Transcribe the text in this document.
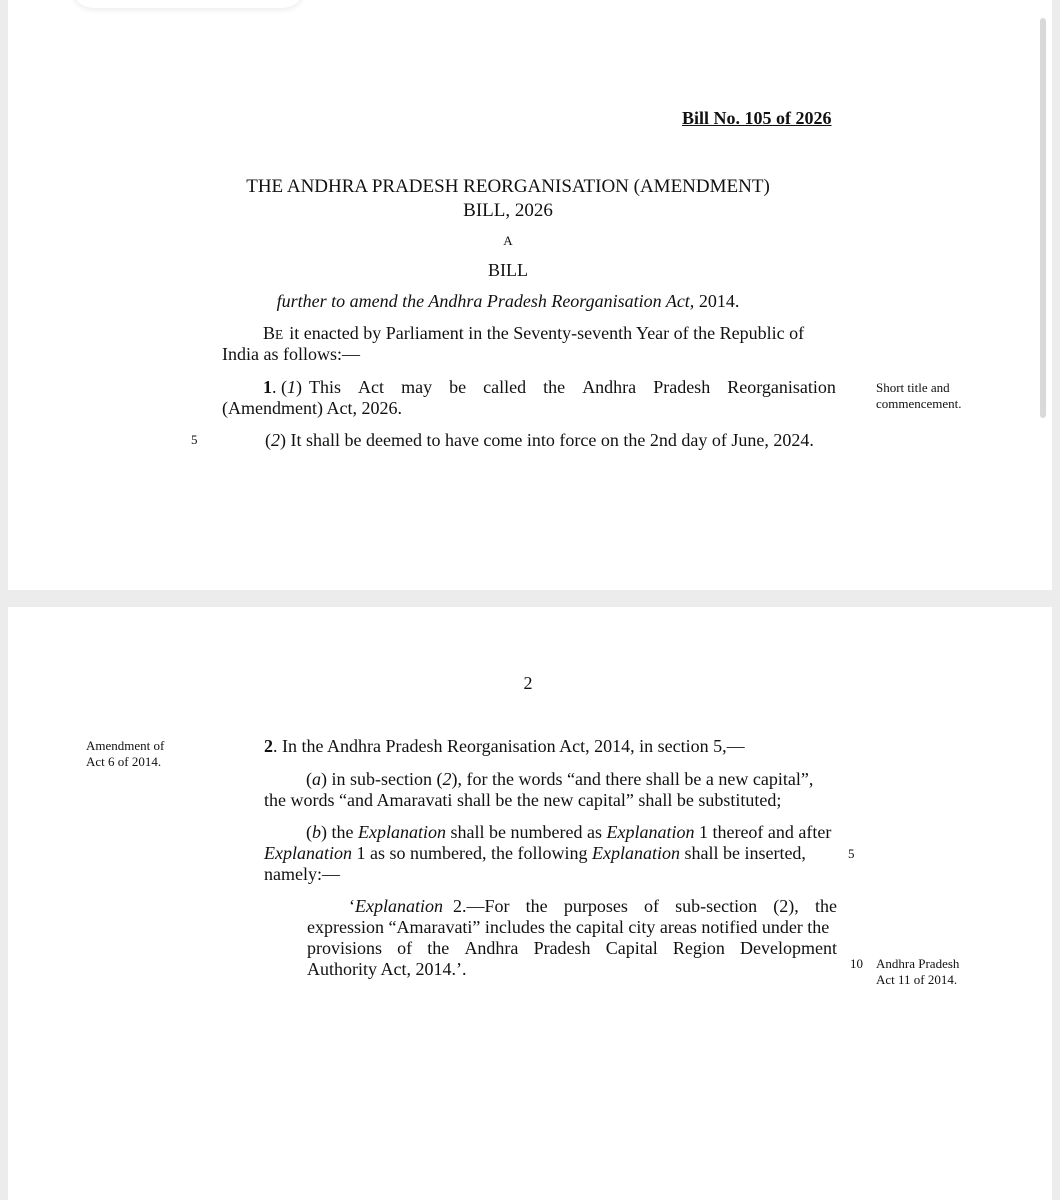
Bill No. 105 of 2026
THE ANDHRA PRADESH REORGANISATION (AMENDMENT)
BILL, 2026
A
BILL
further to amend the Andhra Pradesh Reorganisation Act, 2014.
BE it enacted by Parliament in the Seventy-seventh Year of the Republic of
India as follows:—
1. (1) This Act may be called the Andhra Pradesh Reorganisation
(Amendment) Act, 2026.
(2) It shall be deemed to have come into force on the 2nd day of June, 2024.
Short title and
commencement.
5
2
Amendment of
Act 6 of 2014.
2. In the Andhra Pradesh Reorganisation Act, 2014, in section 5,—
(a) in sub-section (2), for the words “and there shall be a new capital”,
the words “and Amaravati shall be the new capital” shall be substituted;
(b) the Explanation shall be numbered as Explanation 1 thereof and after
Explanation 1 as so numbered, the following Explanation shall be inserted,
namely:—
‘Explanation 2.—For the purposes of sub-section (2), the
expression “Amaravati” includes the capital city areas notified under the
provisions of the Andhra Pradesh Capital Region Development
Authority Act, 2014.’.
5
10 Andhra Pradesh
Act 11 of 2014.
